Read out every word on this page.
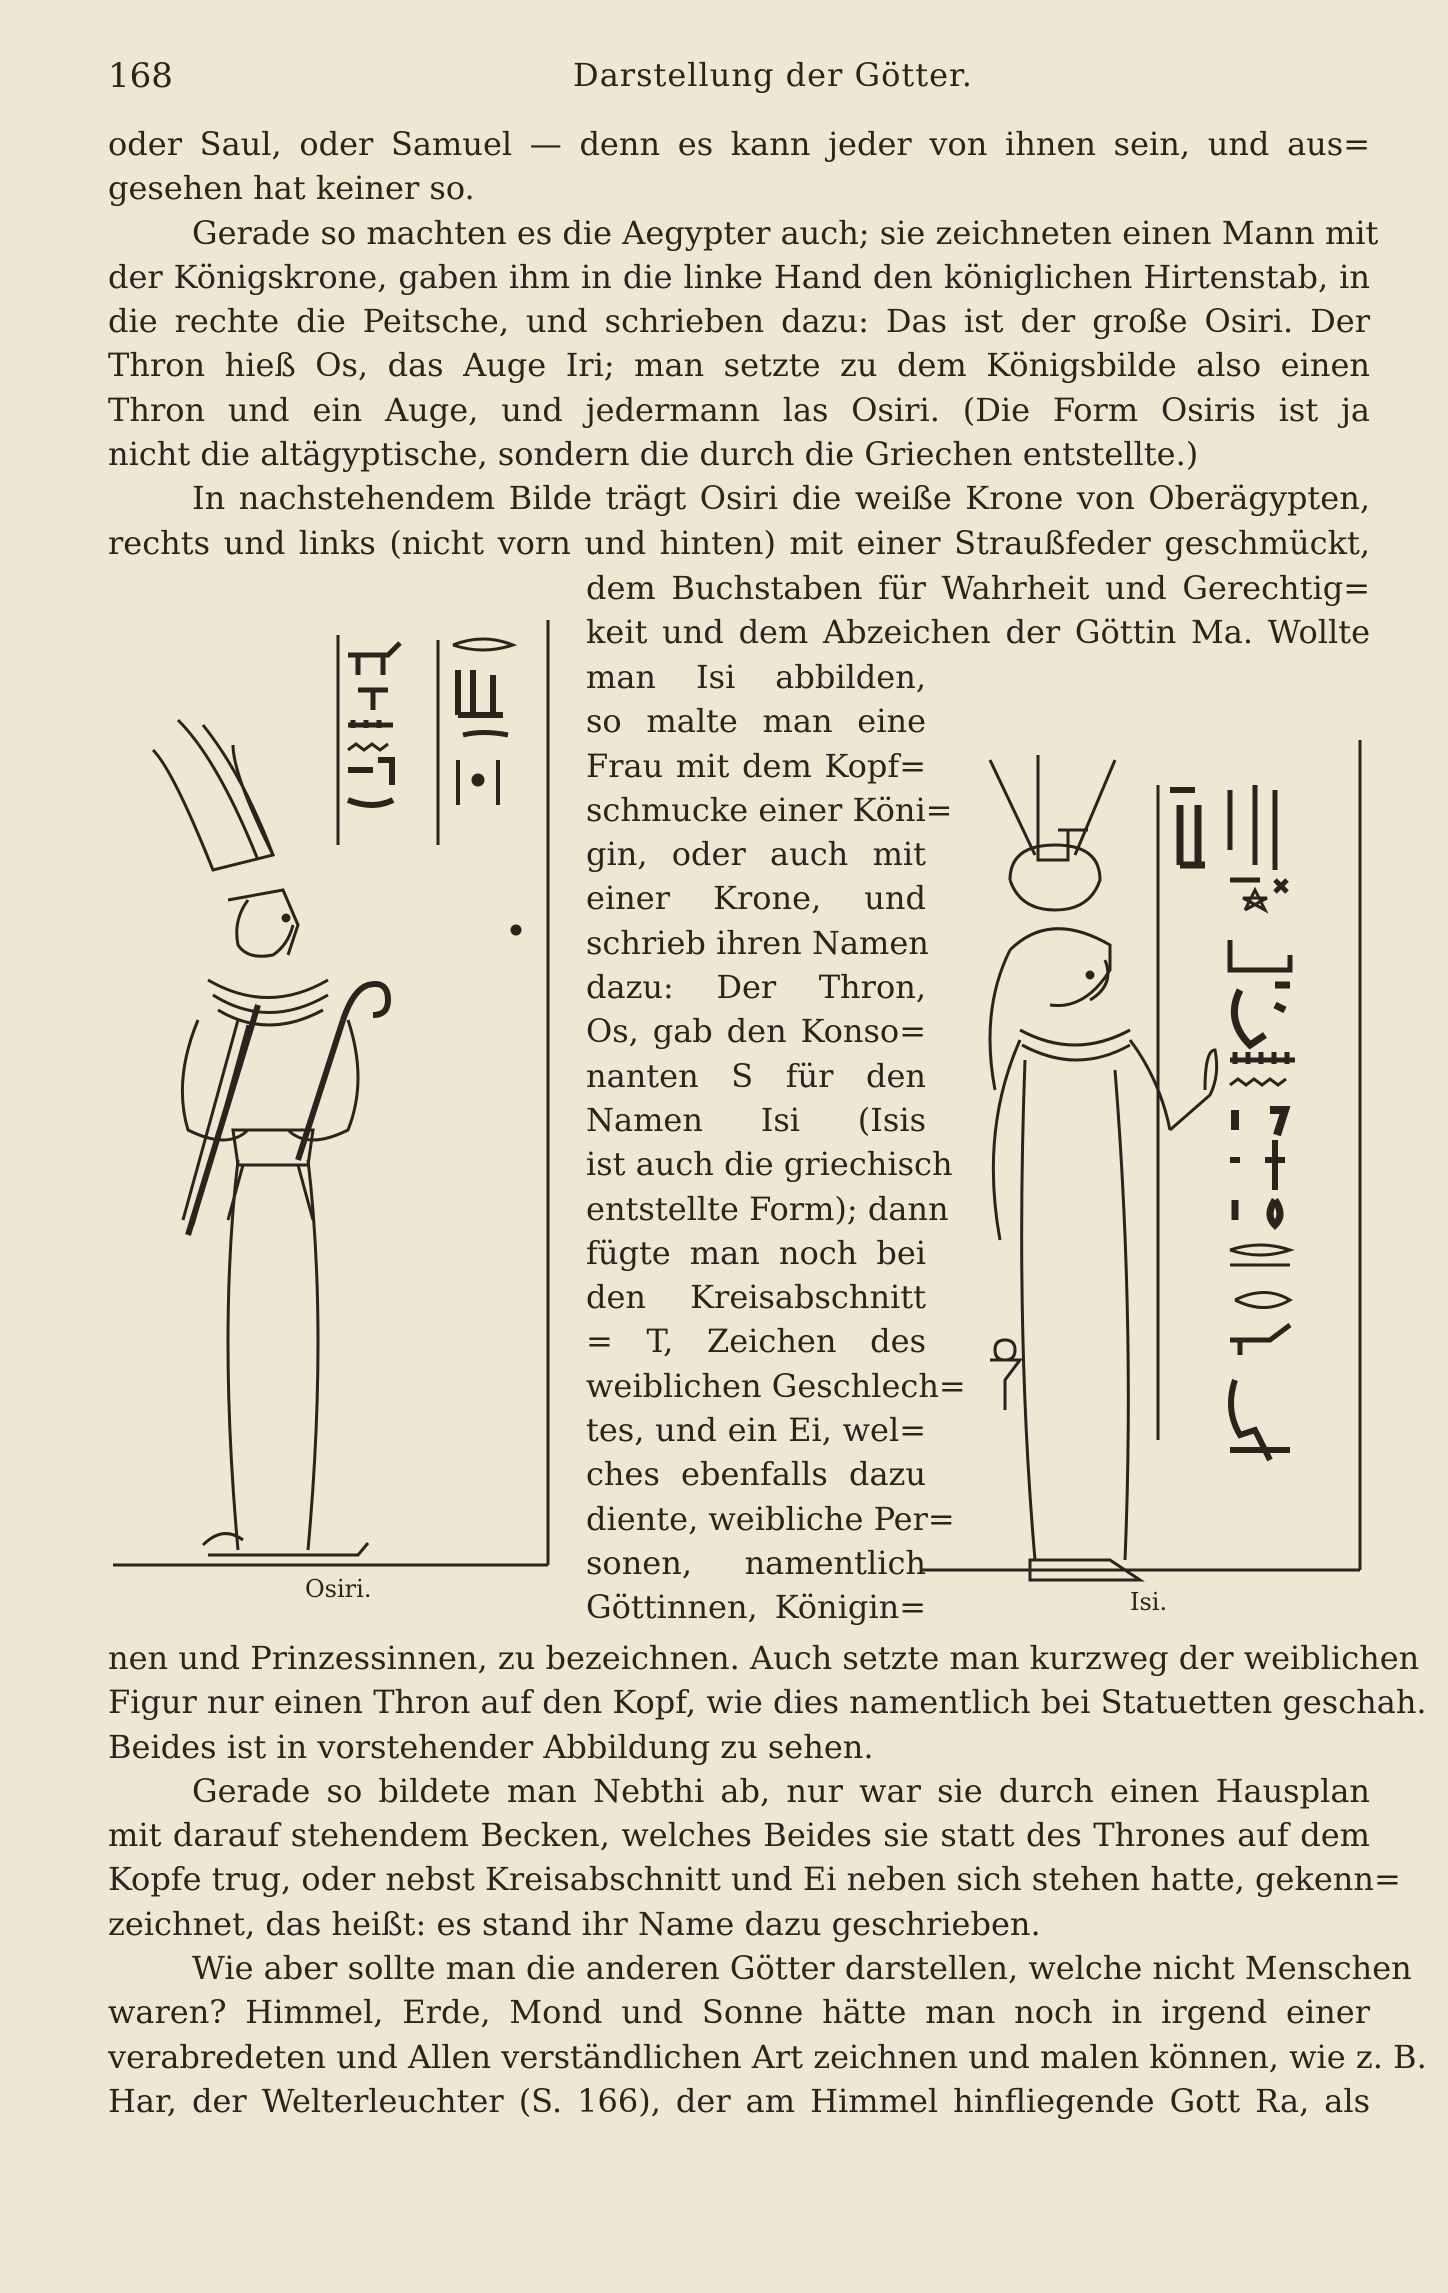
168	Darstellung der Götter.
oder Saul, oder Samuel — denn es kann jeder von ihnen sein, und aus=
gesehen hat keiner so.
Gerade so machten es die Aegypter auch; sie zeichneten einen Mann mit
der Königskrone, gaben ihm in die linke Hand den königlichen Hirtenstab, in
die rechte die Peitsche, und schrieben dazu: Das ist der große Osiri. Der
Thron hieß Os, das Auge Iri; man setzte zu dem Königsbilde also einen
Thron und ein Auge, und jedermann las Osiri. (Die Form Osiris ist ja
nicht die altägyptische, sondern die durch die Griechen entstellte.)
In nachstehendem Bilde trägt Osiri die weiße Krone von Oberägypten,
rechts und links (nicht vorn und hinten) mit einer Straußfeder geschmückt,
dem Buchstaben für Wahrheit und Gerechtig=
keit und dem Abzeichen der Göttin Ma. Wollte
man Isi abbilden,
so malte man eine
Frau mit dem Kopf=
schmucke einer Köni=
gin, oder auch mit
einer Krone, und
schrieb ihren Namen
dazu: Der Thron,
Os, gab den Konso=
nanten S für den
Namen Isi (Isis
ist auch die griechisch
entstellte Form); dann
fügte man noch bei
den Kreisabschnitt
= T, Zeichen des
weiblichen Geschlech=
tes, und ein Ei, wel=
ches ebenfalls dazu
diente, weibliche Per=
sonen, namentlich
Göttinnen, Königin=
Osiri.	Isi.
nen und Prinzessinnen, zu bezeichnen. Auch setzte man kurzweg der weiblichen
Figur nur einen Thron auf den Kopf, wie dies namentlich bei Statuetten geschah.
Beides ist in vorstehender Abbildung zu sehen.
Gerade so bildete man Nebthi ab, nur war sie durch einen Hausplan
mit darauf stehendem Becken, welches Beides sie statt des Thrones auf dem
Kopfe trug, oder nebst Kreisabschnitt und Ei neben sich stehen hatte, gekenn=
zeichnet, das heißt: es stand ihr Name dazu geschrieben.
Wie aber sollte man die anderen Götter darstellen, welche nicht Menschen
waren? Himmel, Erde, Mond und Sonne hätte man noch in irgend einer
verabredeten und Allen verständlichen Art zeichnen und malen können, wie z. B.
Har, der Welterleuchter (S. 166), der am Himmel hinfliegende Gott Ra, als
